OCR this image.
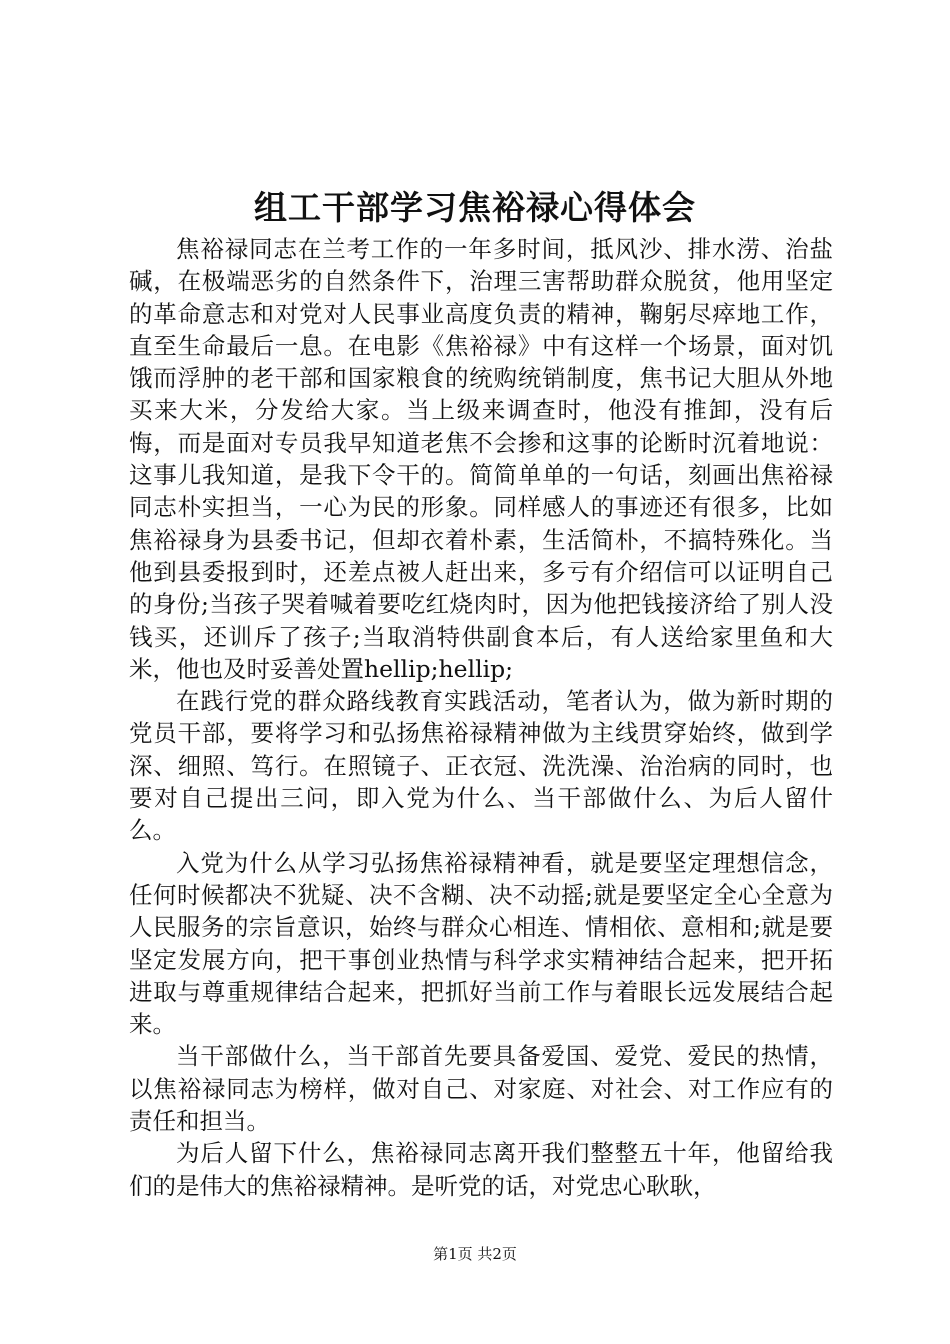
组工干部学习焦裕禄心得体会

焦裕禄同志在兰考工作的一年多时间，抵风沙、排水涝、治盐碱，在极端恶劣的自然条件下，治理三害帮助群众脱贫，他用坚定的革命意志和对党对人民事业高度负责的精神，鞠躬尽瘁地工作，直至生命最后一息。在电影《焦裕禄》中有这样一个场景，面对饥饿而浮肿的老干部和国家粮食的统购统销制度，焦书记大胆从外地买来大米，分发给大家。当上级来调查时，他没有推卸，没有后悔，而是面对专员我早知道老焦不会掺和这事的论断时沉着地说：这事儿我知道，是我下令干的。简简单单的一句话，刻画出焦裕禄同志朴实担当，一心为民的形象。同样感人的事迹还有很多，比如焦裕禄身为县委书记，但却衣着朴素，生活简朴，不搞特殊化。当他到县委报到时，还差点被人赶出来，多亏有介绍信可以证明自己的身份;当孩子哭着喊着要吃红烧肉时，因为他把钱接济给了别人没钱买，还训斥了孩子;当取消特供副食本后，有人送给家里鱼和大米，他也及时妥善处置hellip;hellip;

在践行党的群众路线教育实践活动，笔者认为，做为新时期的党员干部，要将学习和弘扬焦裕禄精神做为主线贯穿始终，做到学深、细照、笃行。在照镜子、正衣冠、洗洗澡、治治病的同时，也要对自己提出三问，即入党为什么、当干部做什么、为后人留什么。

入党为什么从学习弘扬焦裕禄精神看，就是要坚定理想信念，任何时候都决不犹疑、决不含糊、决不动摇;就是要坚定全心全意为人民服务的宗旨意识，始终与群众心相连、情相依、意相和;就是要坚定发展方向，把干事创业热情与科学求实精神结合起来，把开拓进取与尊重规律结合起来，把抓好当前工作与着眼长远发展结合起来。

当干部做什么，当干部首先要具备爱国、爱党、爱民的热情，以焦裕禄同志为榜样，做对自己、对家庭、对社会、对工作应有的责任和担当。

为后人留下什么，焦裕禄同志离开我们整整五十年，他留给我们的是伟大的焦裕禄精神。是听党的话，对党忠心耿耿，

第1页 共2页
